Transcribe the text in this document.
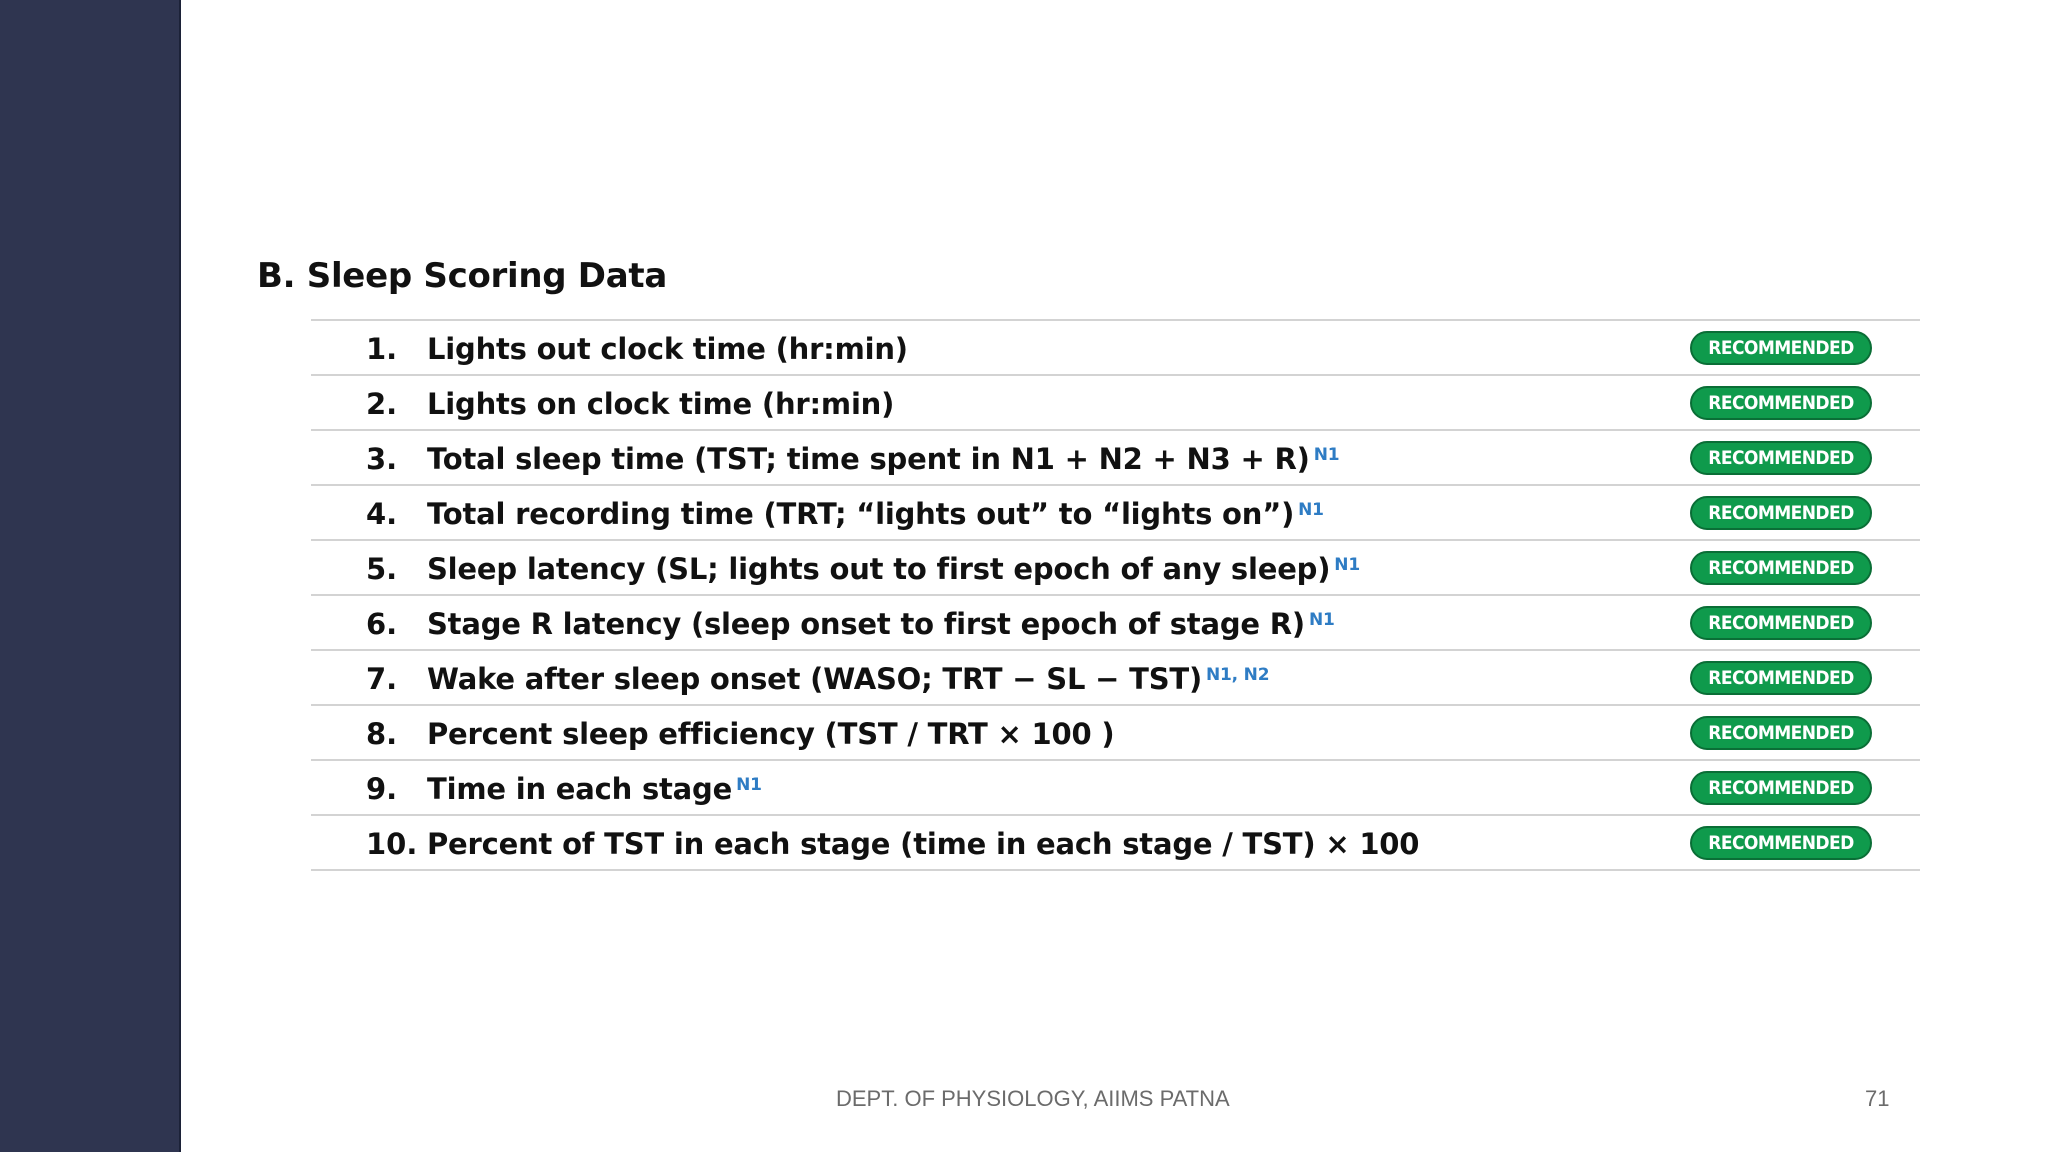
B. Sleep Scoring Data
1. Lights out clock time (hr:min)	RECOMMENDED
2. Lights on clock time (hr:min)	RECOMMENDED
3. Total sleep time (TST; time spent in N1 + N2 + N3 + R) $^{N1}$	RECOMMENDED
4. Total recording time (TRT; “lights out” to “lights on”) $^{N1}$	RECOMMENDED
5. Sleep latency (SL; lights out to first epoch of any sleep) $^{N1}$	RECOMMENDED
6. Stage R latency (sleep onset to first epoch of stage R) $^{N1}$	RECOMMENDED
7. Wake after sleep onset (WASO; TRT − SL − TST) $^{N1, N2}$	RECOMMENDED
8. Percent sleep efficiency (TST / TRT × 100 )	RECOMMENDED
9. Time in each stage $^{N1}$	RECOMMENDED
10. Percent of TST in each stage (time in each stage / TST) × 100	RECOMMENDED
DEPT. OF PHYSIOLOGY, AIIMS PATNA	71
